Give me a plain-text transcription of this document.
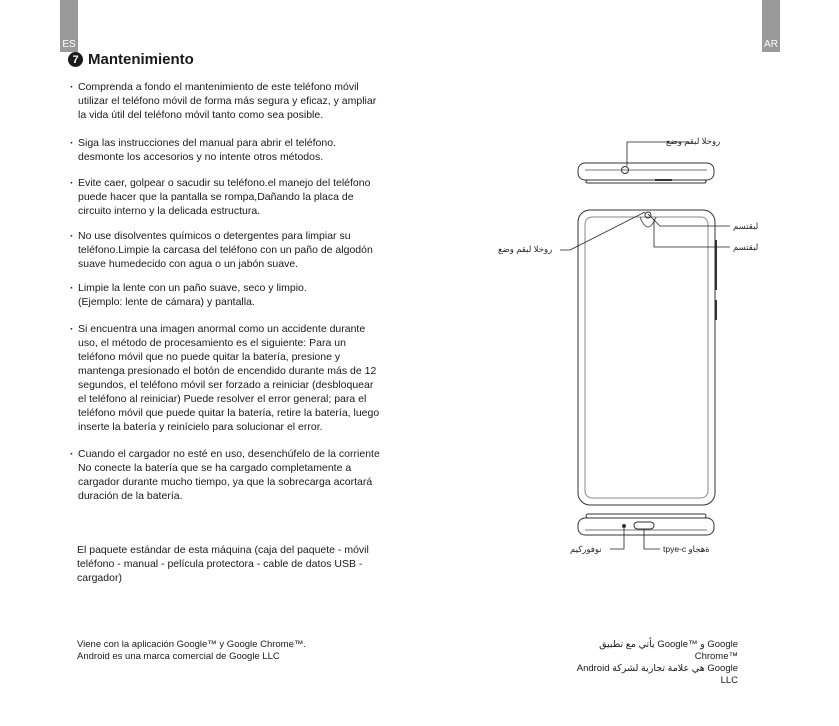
ES	AR
7 Mantenimiento
· Comprenda a fondo el mantenimiento de este teléfono móvil
utilizar el teléfono móvil de forma más segura y eficaz, y ampliar
la vida útil del teléfono móvil tanto como sea posible.
· Siga las instrucciones del manual para abrir el teléfono.
desmonte los accesorios y no intente otros métodos.
· Evite caer, golpear o sacudir su teléfono.el manejo del teléfono
puede hacer que la pantalla se rompa,Dañando la placa de
circuito interno y la delicada estructura.
· No use disolventes químicos o detergentes para limpiar su
teléfono.Limpie la carcasa del teléfono con un paño de algodón
suave humedecido con agua o un jabón suave.
· Limpie la lente con un paño suave, seco y limpio.
(Ejemplo: lente de cámara) y pantalla.
· Si encuentra una imagen anormal como un accidente durante
uso, el método de procesamiento es el siguiente: Para un
teléfono móvil que no puede quitar la batería, presione y
mantenga presionado el botón de encendido durante más de 12
segundos, el teléfono móvil ser forzado a reiniciar (desbloquear
el teléfono al reiniciar) Puede resolver el error general; para el
teléfono móvil que puede quitar la batería, retire la batería, luego
inserte la batería y reinícielo para solucionar el error.
· Cuando el cargador no esté en uso, desenchúfelo de la corriente
No conecte la batería que se ha cargado completamente a
cargador durante mucho tiempo, ya que la sobrecarga acortará
duración de la batería.
El paquete estándar de esta máquina (caja del paquete - móvil
teléfono - manual - película protectora - cable de datos USB -
cargador)
Viene con la aplicación Google™ y Google Chrome™.
Android es una marca comercial de Google LLC
يأتي مع تطبيق Google™ و Google Chrome™
Android هي علامة تجارية لشركة Google LLC
روخلا لبقم وضع
لبقتسم
لبقتسم
روخلا لبقم وضع
نوفوركيم	tpye-c ةهجاو
